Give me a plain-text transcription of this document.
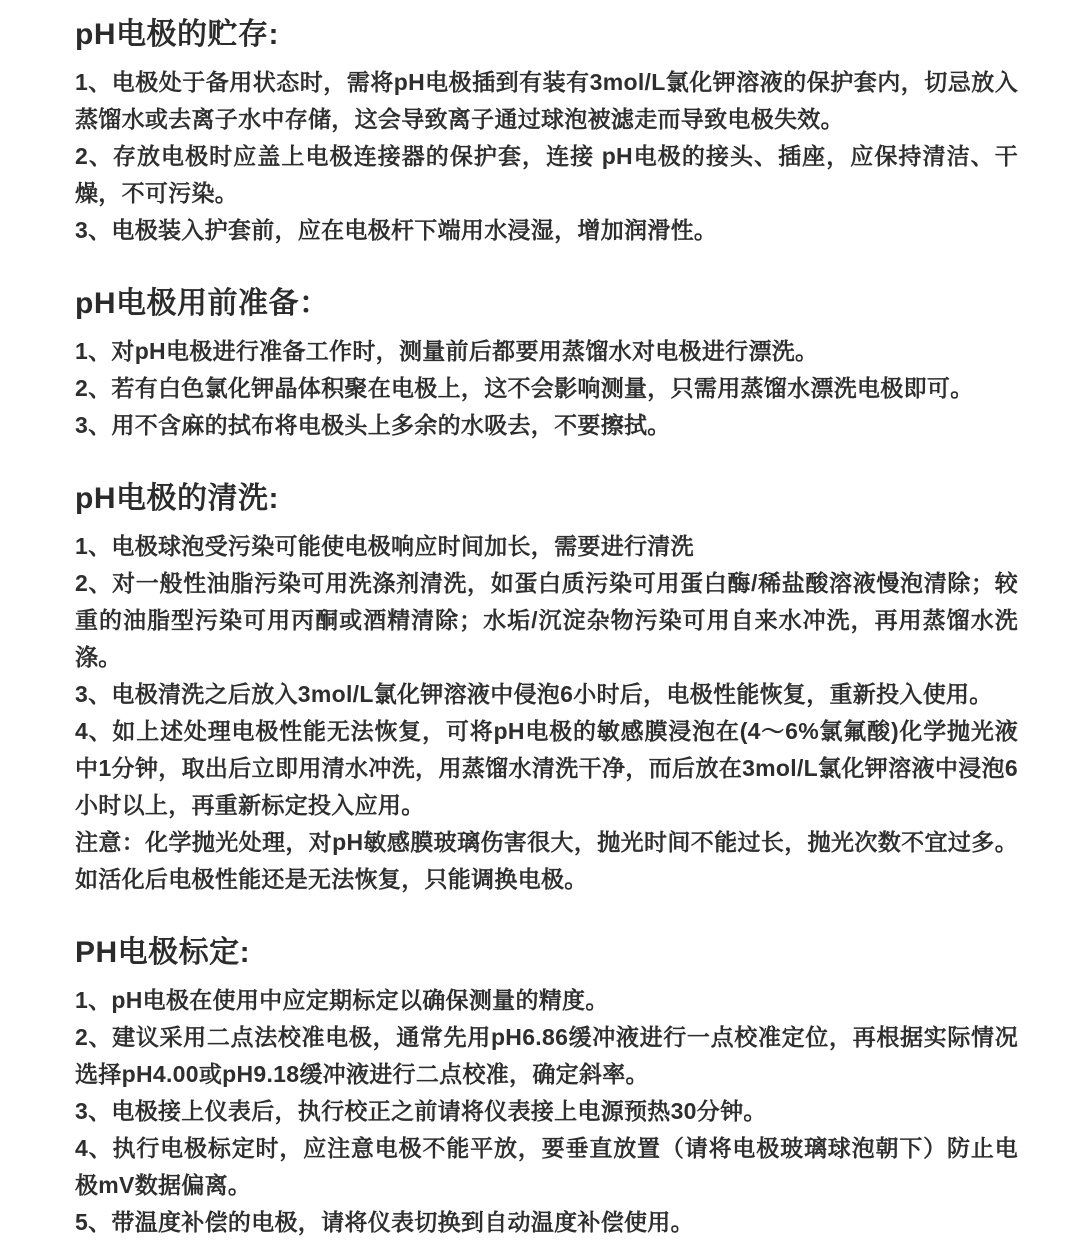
pH电极的贮存:

1、电极处于备用状态时，需将pH电极插到有装有3mol/L氯化钾溶液的保护套内，切忌放入蒸馏水或去离子水中存储，这会导致离子通过球泡被滤走而导致电极失效。

2、存放电极时应盖上电极连接器的保护套，连接 pH电极的接头、插座，应保持清洁、干燥，不可污染。

3、电极装入护套前，应在电极杆下端用水浸湿，增加润滑性。

pH电极用前准备：

1、对pH电极进行准备工作时，测量前后都要用蒸馏水对电极进行漂洗。

2、若有白色氯化钾晶体积聚在电极上，这不会影响测量，只需用蒸馏水漂洗电极即可。

3、用不含麻的拭布将电极头上多余的水吸去，不要擦拭。

pH电极的清洗:

1、电极球泡受污染可能使电极响应时间加长，需要进行清洗

2、对一般性油脂污染可用洗涤剂清洗，如蛋白质污染可用蛋白酶/稀盐酸溶液慢泡清除；较重的油脂型污染可用丙酮或酒精清除；水垢/沉淀杂物污染可用自来水冲洗，再用蒸馏水洗涤。

3、电极清洗之后放入3mol/L氯化钾溶液中侵泡6小时后，电极性能恢复，重新投入使用。

4、如上述处理电极性能无法恢复，可将pH电极的敏感膜浸泡在(4～6%氯氟酸)化学抛光液中1分钟，取出后立即用清水冲洗，用蒸馏水清洗干净，而后放在3mol/L氯化钾溶液中浸泡6小时以上，再重新标定投入应用。

注意：化学抛光处理，对pH敏感膜玻璃伤害很大，抛光时间不能过长，抛光次数不宜过多。如活化后电极性能还是无法恢复，只能调换电极。

PH电极标定:

1、pH电极在使用中应定期标定以确保测量的精度。

2、建议采用二点法校准电极，通常先用pH6.86缓冲液进行一点校准定位，再根据实际情况选择pH4.00或pH9.18缓冲液进行二点校准，确定斜率。

3、电极接上仪表后，执行校正之前请将仪表接上电源预热30分钟。

4、执行电极标定时，应注意电极不能平放，要垂直放置（请将电极玻璃球泡朝下）防止电极mV数据偏离。

5、带温度补偿的电极，请将仪表切换到自动温度补偿使用。
